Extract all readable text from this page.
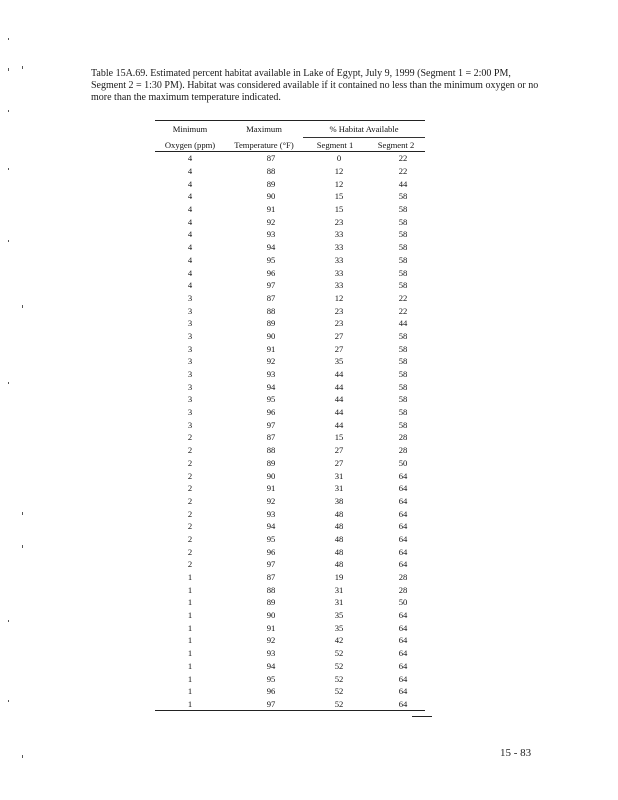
Table 15A.69. Estimated percent habitat available in Lake of Egypt, July 9, 1999 (Segment 1 = 2:00 PM, Segment 2 = 1:30 PM). Habitat was considered available if it contained no less than the minimum oxygen or no more than the maximum temperature indicated.

Minimum	Maximum	% Habitat Available	
Oxygen (ppm)	Temperature (°F)	Segment 1	Segment 2
4	87	0	22
4	88	12	22
4	89	12	44
4	90	15	58
4	91	15	58
4	92	23	58
4	93	33	58
4	94	33	58
4	95	33	58
4	96	33	58
4	97	33	58
3	87	12	22
3	88	23	22
3	89	23	44
3	90	27	58
3	91	27	58
3	92	35	58
3	93	44	58
3	94	44	58
3	95	44	58
3	96	44	58
3	97	44	58
2	87	15	28
2	88	27	28
2	89	27	50
2	90	31	64
2	91	31	64
2	92	38	64
2	93	48	64
2	94	48	64
2	95	48	64
2	96	48	64
2	97	48	64
1	87	19	28
1	88	31	28
1	89	31	50
1	90	35	64
1	91	35	64
1	92	42	64
1	93	52	64
1	94	52	64
1	95	52	64
1	96	52	64
1	97	52	64
15 - 83
